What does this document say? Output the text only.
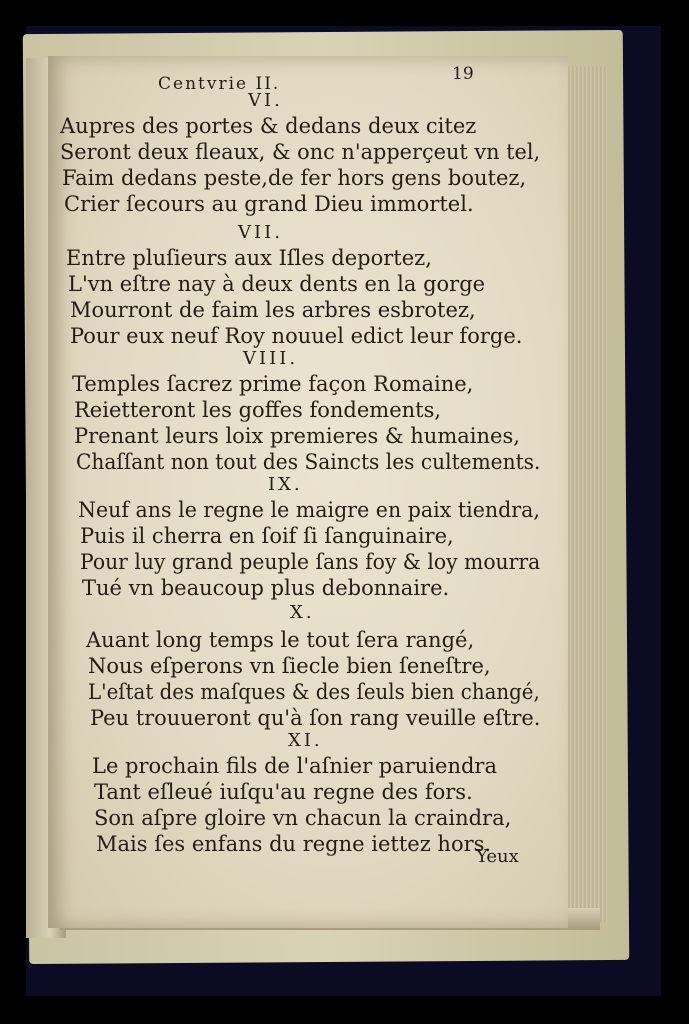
Centvrie II.	19
VI.
Aupres des portes & dedans deux citez
Seront deux fleaux, & onc n'apperçeut vn tel,
Faim dedans peste,de fer hors gens boutez,
Crier ſecours au grand Dieu immortel.
VII.
Entre pluſieurs aux Iſles deportez,
L'vn eſtre nay à deux dents en la gorge
Mourront de faim les arbres esbrotez,
Pour eux neuf Roy nouuel edict leur forge.
VIII.
Temples ſacrez prime façon Romaine,
Reietteront les goffes fondements,
Prenant leurs loix premieres & humaines,
Chaſſant non tout des Saincts les cultements.
IX.
Neuf ans le regne le maigre en paix tiendra,
Puis il cherra en ſoif ſi ſanguinaire,
Pour luy grand peuple ſans foy & loy mourra
Tué vn beaucoup plus debonnaire.
X.
Auant long temps le tout ſera rangé,
Nous eſperons vn ſiecle bien ſeneſtre,
L'eſtat des maſques & des ſeuls bien changé,
Peu trouueront qu'à ſon rang veuille eſtre.
XI.
Le prochain fils de l'aſnier paruiendra
Tant eſleué iuſqu'au regne des fors.
Son aſpre gloire vn chacun la craindra,
Mais ſes enfans du regne iettez hors.
Yeux
